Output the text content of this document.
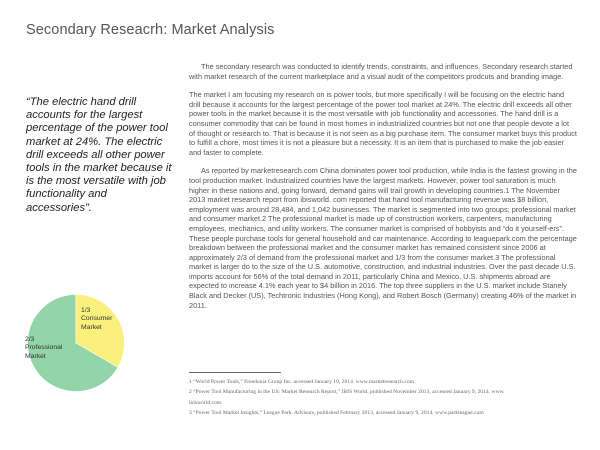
Secondary Reseacrh: Market Analysis
“The electric hand drill accounts for the largest percentage of the power tool market at 24%. The electric drill exceeds all other power tools in the market because it is the most versatile with job functionality and accessories”.
1/3
Consumer
Market
2/3
Professional
Market

The secondary research was conducted to identify trends, constraints, and influences. Secondary research started with market research of the current marketplace and a visual audit of the competitors prodcuts and branding image.

The market I am focusing my research on is power tools, but more specifically I will be focusing on the electric hand drill because it accounts for the largest percentage of the power tool market at 24%. The electric drill exceeds all other power tools in the market because it is the most versatile with job functionality and accessories. The hand drill is a consumer commodity that can be found in most homes in industrialized countries but not one that people devote a lot of thought or research to. That is because it is not seen as a big purchase item. The consumer market buys this product to fulfill a chore, most times it is not a pleasure but a necessity. It is an item that is purchased to make the job easier and faster to complete.

As reported by marketresearch.com China dominates power tool production, while India is the fastest growing in the tool production market. Industrialized countries have the largest markets. However, power tool saturation is much higher in these nations and, going forward, demand gains will trail growth in developing countries.1 The November 2013 market research report from ibisworld. com reported that hand tool manufacturing revenue was $8 billion, employment was around 28,484, and 1,042 businesses. The market is segmented into two groups; professional market and consumer market.2 The professional market is made up of construction workers, carpenters, manufacturing employees, mechanics, and utility workers. The consumer market is comprised of hobbyists and “do it yourself-ers”. These people purchase tools for general household and car maintenance. According to leaguepark.com the percentage breakdown between the professional market and the consumer market has remained consistent since 2006 at approximately 2/3 of demand from the professional market and 1/3 from the consumer market.3 The professional market is larger do to the size of the U.S. automotive, construction, and industrial industries. Over the past decade U.S. imports account for 56% of the total demand in 2011, particularly China and Mexico. U.S. shipments abroad are expected to increase 4.1% each year to $4 billion in 2016. The top three suppliers in the U.S. market include Stanely Black and Decker (US), Techtronic Industries (Hong Kong), and Robert Bosch (Germany) creating 46% of the market in 2011.

1 “World Power Tools,” Freedonia Group Inc. accessed January 10, 2014. www.marketresearch.com
2 “Power Tool Manufacturing in the US: Market Research Report,” IBIS World, published November 2013, accessed January 9, 2014. www.
ibisworld.com
3 “Power Tool Market Insights,” League Park. Advisors, published February 2013, accessed January 9, 2014. www.parkleague.com
